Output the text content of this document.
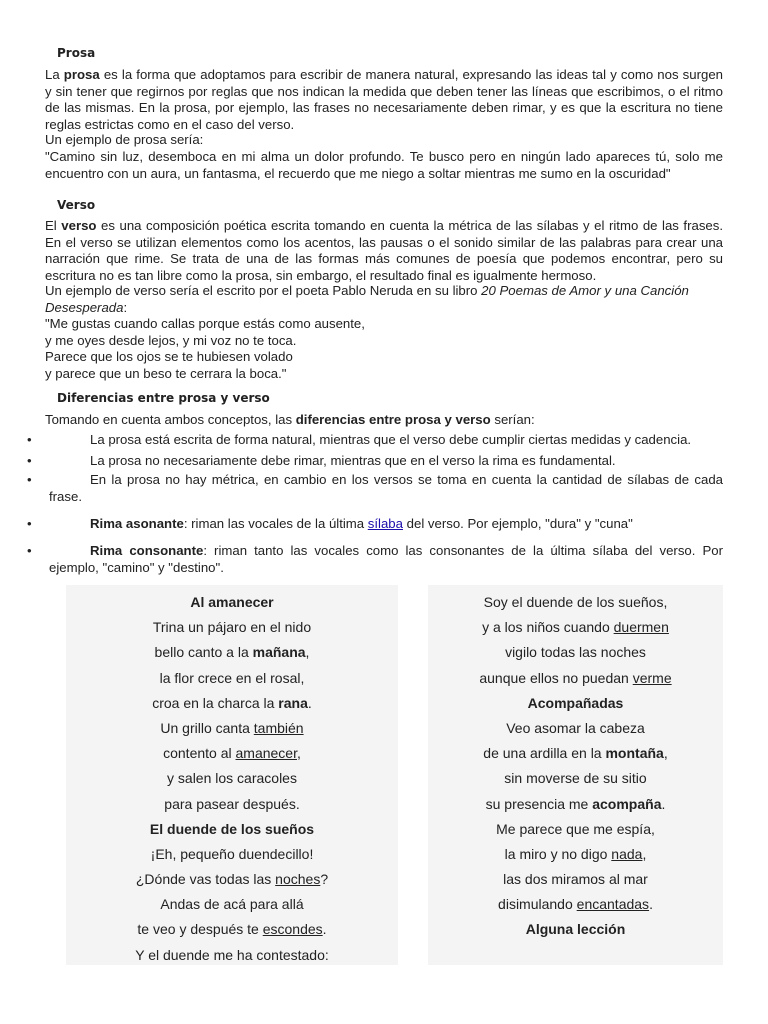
Prosa
La prosa es la forma que adoptamos para escribir de manera natural, expresando las ideas tal y como nos surgen y sin tener que regirnos por reglas que nos indican la medida que deben tener las líneas que escribimos, o el ritmo de las mismas. En la prosa, por ejemplo, las frases no necesariamente deben rimar, y es que la escritura no tiene reglas estrictas como en el caso del verso.
Un ejemplo de prosa sería:
"Camino sin luz, desemboca en mi alma un dolor profundo. Te busco pero en ningún lado apareces tú, solo me encuentro con un aura, un fantasma, el recuerdo que me niego a soltar mientras me sumo en la oscuridad"
Verso
El verso es una composición poética escrita tomando en cuenta la métrica de las sílabas y el ritmo de las frases. En el verso se utilizan elementos como los acentos, las pausas o el sonido similar de las palabras para crear una narración que rime. Se trata de una de las formas más comunes de poesía que podemos encontrar, pero su escritura no es tan libre como la prosa, sin embargo, el resultado final es igualmente hermoso.
Un ejemplo de verso sería el escrito por el poeta Pablo Neruda en su libro 20 Poemas de Amor y una Canción Desesperada:
"Me gustas cuando callas porque estás como ausente,
y me oyes desde lejos, y mi voz no te toca.
Parece que los ojos se te hubiesen volado
y parece que un beso te cerrara la boca."
Diferencias entre prosa y verso
Tomando en cuenta ambos conceptos, las diferencias entre prosa y verso serían:
•	La prosa está escrita de forma natural, mientras que el verso debe cumplir ciertas medidas y cadencia.
•	La prosa no necesariamente debe rimar, mientras que en el verso la rima es fundamental.
•	En la prosa no hay métrica, en cambio en los versos se toma en cuenta la cantidad de sílabas de cada frase.
•	Rima asonante: riman las vocales de la última sílaba del verso. Por ejemplo, "dura" y "cuna"
•	Rima consonante: riman tanto las vocales como las consonantes de la última sílaba del verso. Por ejemplo, "camino" y "destino".
Al amanecer
Trina un pájaro en el nido
bello canto a la mañana,
la flor crece en el rosal,
croa en la charca la rana.
Un grillo canta también
contento al amanecer,
y salen los caracoles
para pasear después.
El duende de los sueños
¡Eh, pequeño duendecillo!
¿Dónde vas todas las noches?
Andas de acá para allá
te veo y después te escondes.
Y el duende me ha contestado:
Soy el duende de los sueños,
y a los niños cuando duermen
vigilo todas las noches
aunque ellos no puedan verme
Acompañadas
Veo asomar la cabeza
de una ardilla en la montaña,
sin moverse de su sitio
su presencia me acompaña.
Me parece que me espía,
la miro y no digo nada,
las dos miramos al mar
disimulando encantadas.
Alguna lección
